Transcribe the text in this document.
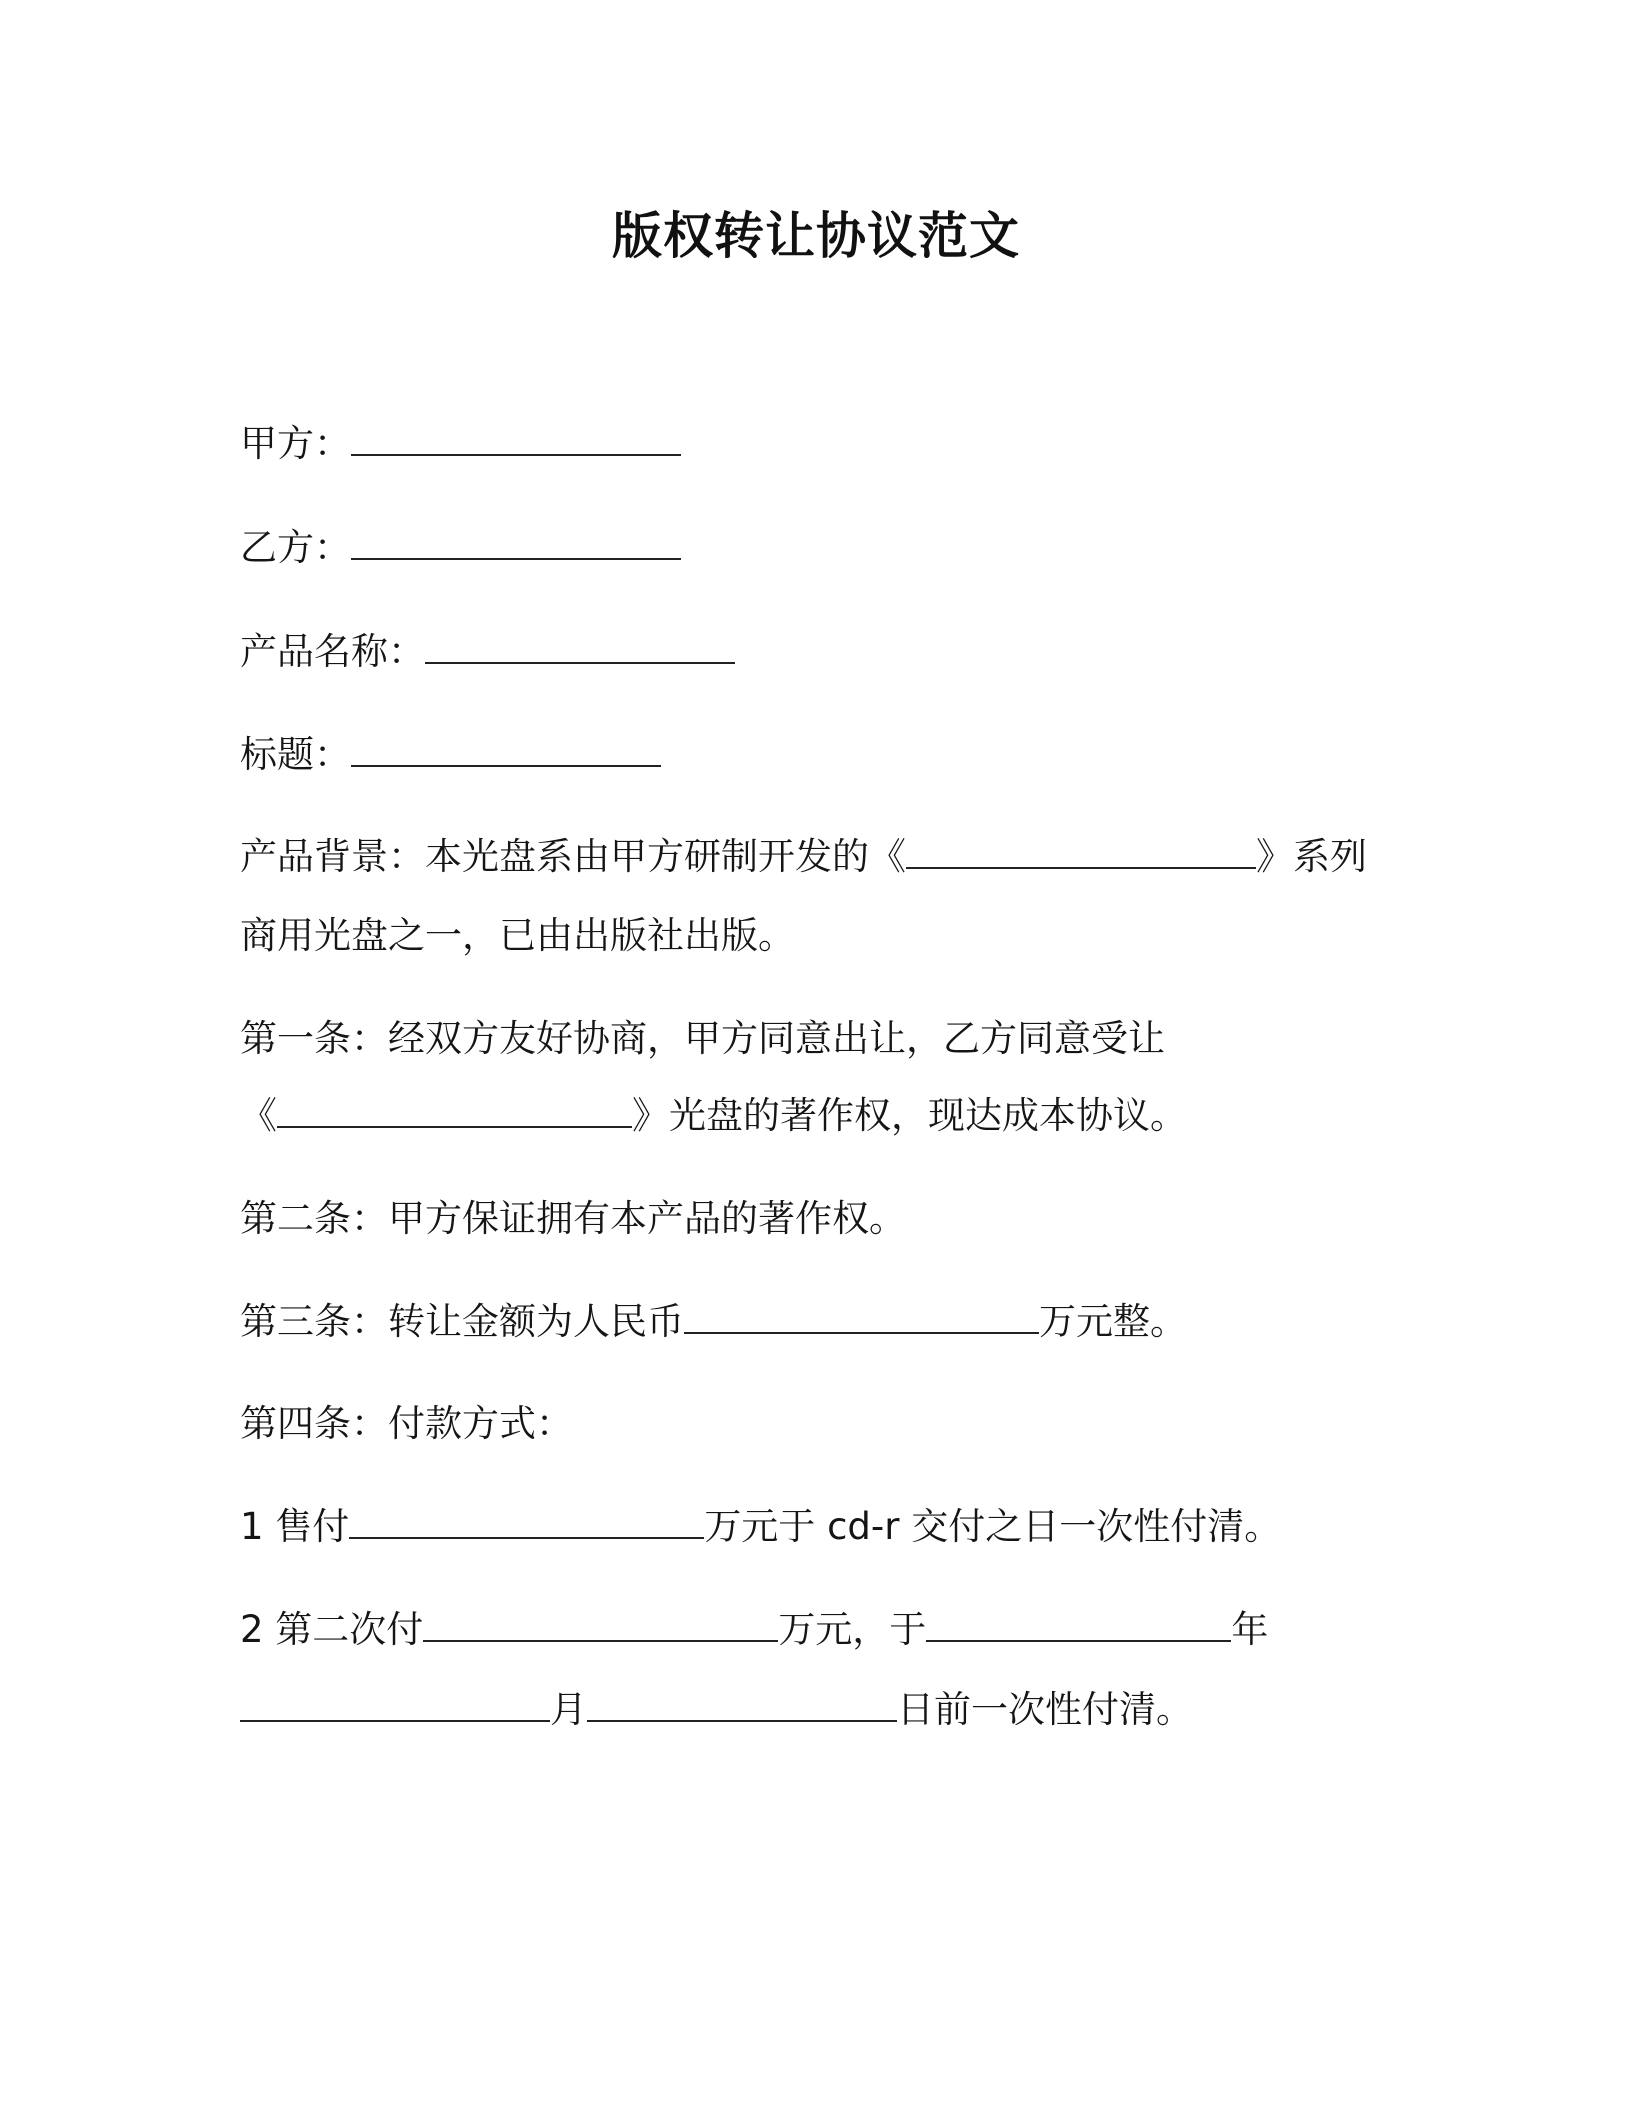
版权转让协议范文
甲方：
乙方：
产品名称：
标题：
产品背景：本光盘系由甲方研制开发的《	》系列
商用光盘之一，已由出版社出版。
第一条：经双方友好协商，甲方同意出让，乙方同意受让
《	》光盘的著作权，现达成本协议。
第二条：甲方保证拥有本产品的著作权。
第三条：转让金额为人民币	万元整。
第四条：付款方式：
1 售付	万元于 cd-r 交付之日一次性付清。
2 第二次付	万元，于	年
月	日前一次性付清。
